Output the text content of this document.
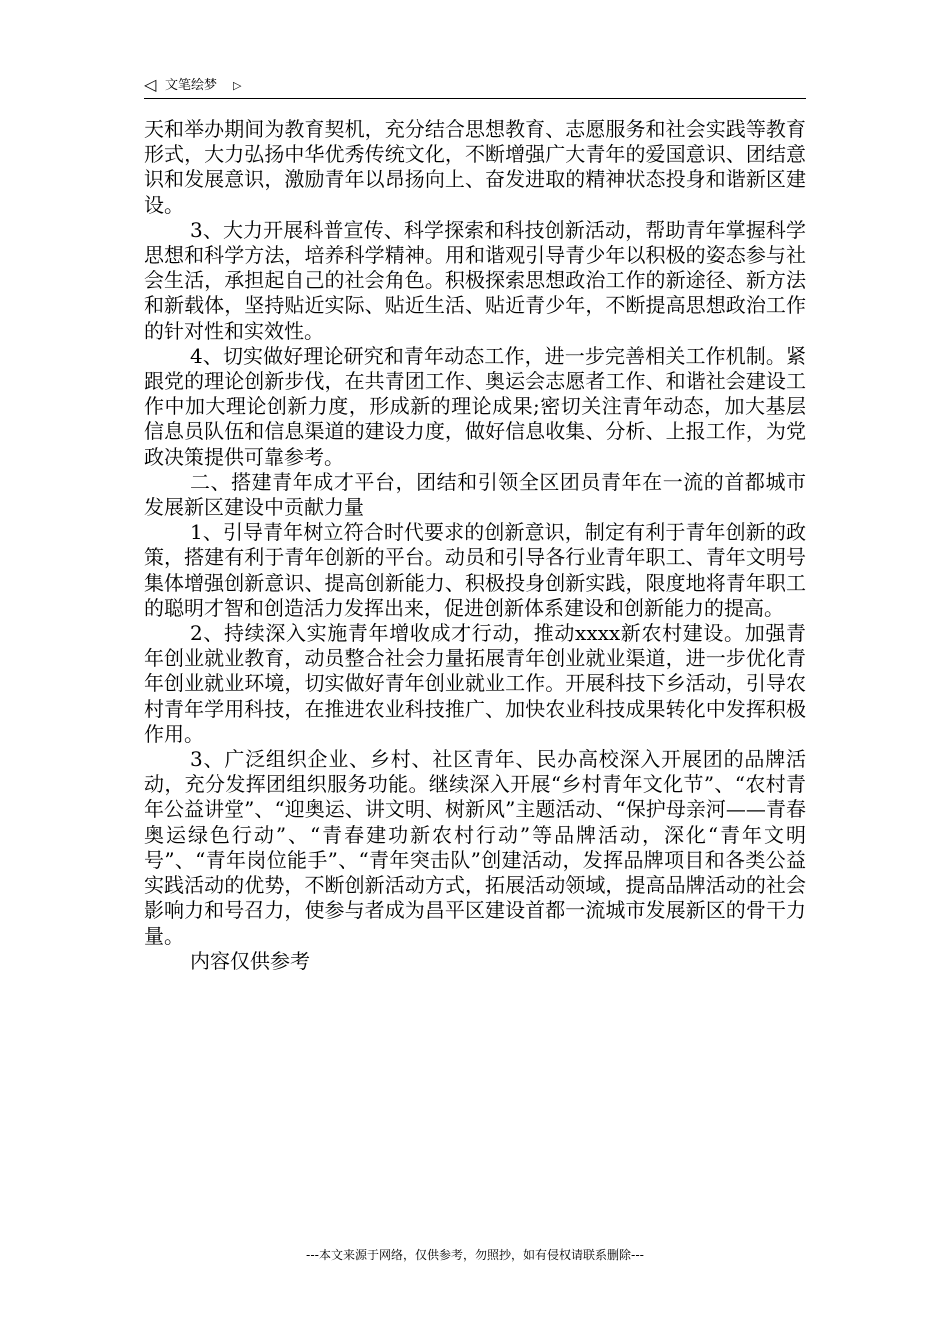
◁ 文笔绘梦 ▷

天和举办期间为教育契机，充分结合思想教育、志愿服务和社会实践等教育形式，大力弘扬中华优秀传统文化，不断增强广大青年的爱国意识、团结意识和发展意识，激励青年以昂扬向上、奋发进取的精神状态投身和谐新区建设。

3、大力开展科普宣传、科学探索和科技创新活动，帮助青年掌握科学思想和科学方法，培养科学精神。用和谐观引导青少年以积极的姿态参与社会生活，承担起自己的社会角色。积极探索思想政治工作的新途径、新方法和新载体，坚持贴近实际、贴近生活、贴近青少年，不断提高思想政治工作的针对性和实效性。

4、切实做好理论研究和青年动态工作，进一步完善相关工作机制。紧跟党的理论创新步伐，在共青团工作、奥运会志愿者工作、和谐社会建设工作中加大理论创新力度，形成新的理论成果;密切关注青年动态，加大基层信息员队伍和信息渠道的建设力度，做好信息收集、分析、上报工作，为党政决策提供可靠参考。

二、搭建青年成才平台，团结和引领全区团员青年在一流的首都城市发展新区建设中贡献力量

1、引导青年树立符合时代要求的创新意识，制定有利于青年创新的政策，搭建有利于青年创新的平台。动员和引导各行业青年职工、青年文明号集体增强创新意识、提高创新能力、积极投身创新实践，限度地将青年职工的聪明才智和创造活力发挥出来，促进创新体系建设和创新能力的提高。

2、持续深入实施青年增收成才行动，推动xxxx新农村建设。加强青年创业就业教育，动员整合社会力量拓展青年创业就业渠道，进一步优化青年创业就业环境，切实做好青年创业就业工作。开展科技下乡活动，引导农村青年学用科技，在推进农业科技推广、加快农业科技成果转化中发挥积极作用。

3、广泛组织企业、乡村、社区青年、民办高校深入开展团的品牌活动，充分发挥团组织服务功能。继续深入开展“乡村青年文化节”、“农村青年公益讲堂”、“迎奥运、讲文明、树新风”主题活动、“保护母亲河——青春奥运绿色行动”、“青春建功新农村行动”等品牌活动，深化“青年文明号”、“青年岗位能手”、“青年突击队”创建活动，发挥品牌项目和各类公益实践活动的优势，不断创新活动方式，拓展活动领域，提高品牌活动的社会影响力和号召力，使参与者成为昌平区建设首都一流城市发展新区的骨干力量。

内容仅供参考

---本文来源于网络，仅供参考，勿照抄，如有侵权请联系删除---
